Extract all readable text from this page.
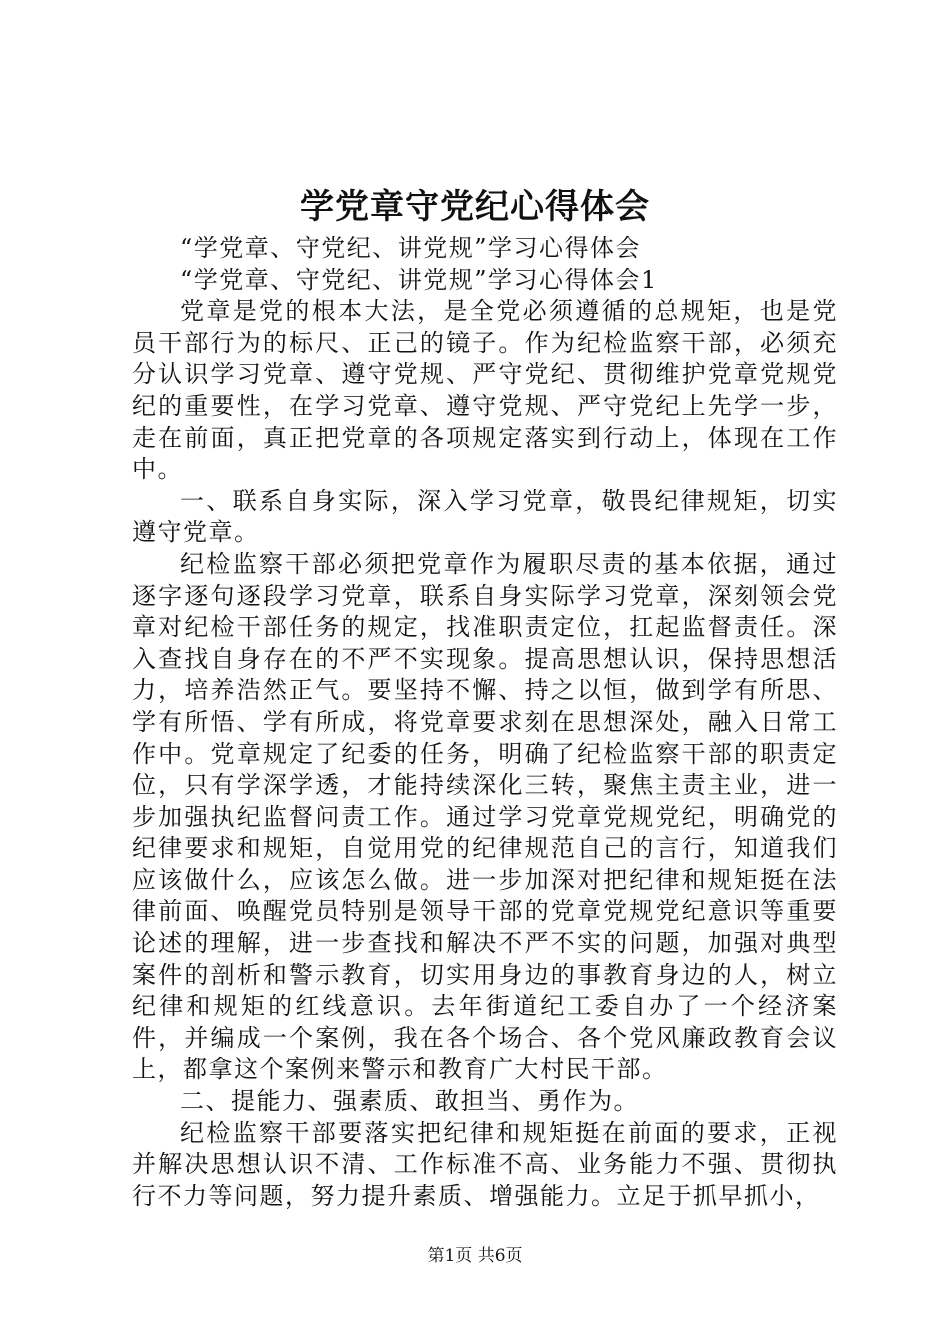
学党章守党纪心得体会

“学党章、守党纪、讲党规”学习心得体会

“学党章、守党纪、讲党规”学习心得体会1

党章是党的根本大法，是全党必须遵循的总规矩，也是党员干部行为的标尺、正己的镜子。作为纪检监察干部，必须充分认识学习党章、遵守党规、严守党纪、贯彻维护党章党规党纪的重要性，在学习党章、遵守党规、严守党纪上先学一步，走在前面，真正把党章的各项规定落实到行动上，体现在工作中。

一、联系自身实际，深入学习党章，敬畏纪律规矩，切实遵守党章。

纪检监察干部必须把党章作为履职尽责的基本依据，通过逐字逐句逐段学习党章，联系自身实际学习党章，深刻领会党章对纪检干部任务的规定，找准职责定位，扛起监督责任。深入查找自身存在的不严不实现象。提高思想认识，保持思想活力，培养浩然正气。要坚持不懈、持之以恒，做到学有所思、学有所悟、学有所成，将党章要求刻在思想深处，融入日常工作中。党章规定了纪委的任务，明确了纪检监察干部的职责定位，只有学深学透，才能持续深化三转，聚焦主责主业，进一步加强执纪监督问责工作。通过学习党章党规党纪，明确党的纪律要求和规矩，自觉用党的纪律规范自己的言行，知道我们应该做什么，应该怎么做。进一步加深对把纪律和规矩挺在法律前面、唤醒党员特别是领导干部的党章党规党纪意识等重要论述的理解，进一步查找和解决不严不实的问题，加强对典型案件的剖析和警示教育，切实用身边的事教育身边的人，树立纪律和规矩的红线意识。去年街道纪工委自办了一个经济案件，并编成一个案例，我在各个场合、各个党风廉政教育会议上，都拿这个案例来警示和教育广大村民干部。

二、提能力、强素质、敢担当、勇作为。

纪检监察干部要落实把纪律和规矩挺在前面的要求，正视并解决思想认识不清、工作标准不高、业务能力不强、贯彻执行不力等问题，努力提升素质、增强能力。立足于抓早抓小，

第1页 共6页
